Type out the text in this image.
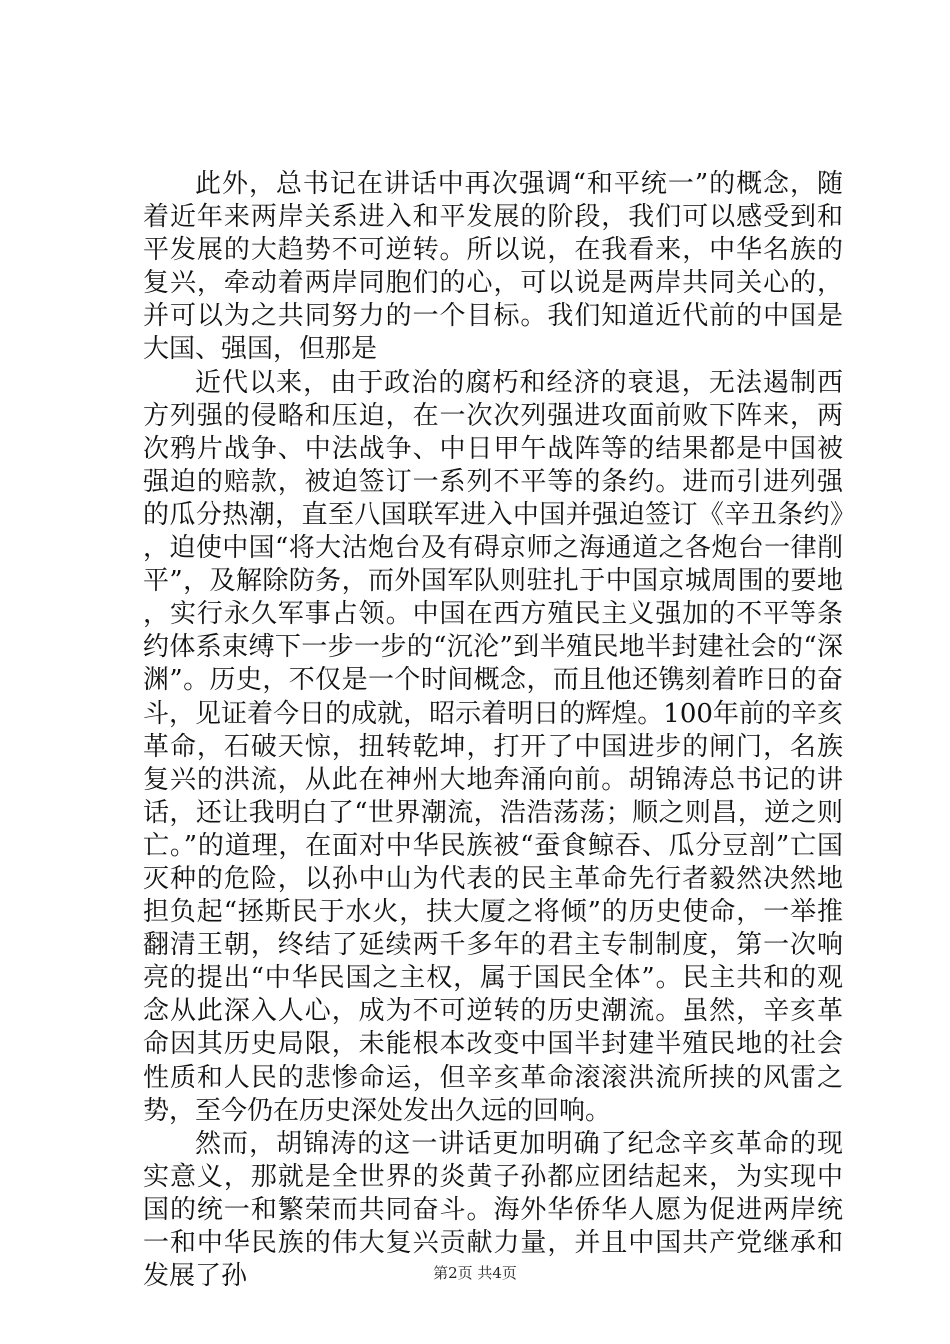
此外，总书记在讲话中再次强调“和平统一”的概念，随着近年来两岸关系进入和平发展的阶段，我们可以感受到和平发展的大趋势不可逆转。所以说，在我看来，中华名族的复兴，牵动着两岸同胞们的心，可以说是两岸共同关心的，并可以为之共同努力的一个目标。我们知道近代前的中国是大国、强国，但那是

近代以来，由于政治的腐朽和经济的衰退，无法遏制西方列强的侵略和压迫，在一次次列强进攻面前败下阵来，两次鸦片战争、中法战争、中日甲午战阵等的结果都是中国被强迫的赔款，被迫签订一系列不平等的条约。进而引进列强的瓜分热潮，直至八国联军进入中国并强迫签订《辛丑条约》，迫使中国“将大沽炮台及有碍京师之海通道之各炮台一律削平”，及解除防务，而外国军队则驻扎于中国京城周围的要地，实行永久军事占领。中国在西方殖民主义强加的不平等条约体系束缚下一步一步的“沉沦”到半殖民地半封建社会的“深渊”。历史，不仅是一个时间概念，而且他还镌刻着昨日的奋斗，见证着今日的成就，昭示着明日的辉煌。100年前的辛亥革命，石破天惊，扭转乾坤，打开了中国进步的闸门，名族复兴的洪流，从此在神州大地奔涌向前。胡锦涛总书记的讲话，还让我明白了“世界潮流，浩浩荡荡；顺之则昌，逆之则亡。”的道理，在面对中华民族被“蚕食鲸吞、瓜分豆剖”亡国灭种的危险，以孙中山为代表的民主革命先行者毅然决然地担负起“拯斯民于水火，扶大厦之将倾”的历史使命，一举推翻清王朝，终结了延续两千多年的君主专制制度，第一次响亮的提出“中华民国之主权，属于国民全体”。民主共和的观念从此深入人心，成为不可逆转的历史潮流。虽然，辛亥革命因其历史局限，未能根本改变中国半封建半殖民地的社会性质和人民的悲惨命运，但辛亥革命滚滚洪流所挟的风雷之势，至今仍在历史深处发出久远的回响。

然而，胡锦涛的这一讲话更加明确了纪念辛亥革命的现实意义，那就是全世界的炎黄子孙都应团结起来，为实现中国的统一和繁荣而共同奋斗。海外华侨华人愿为促进两岸统一和中华民族的伟大复兴贡献力量，并且中国共产党继承和发展了孙	第2页 共4页
